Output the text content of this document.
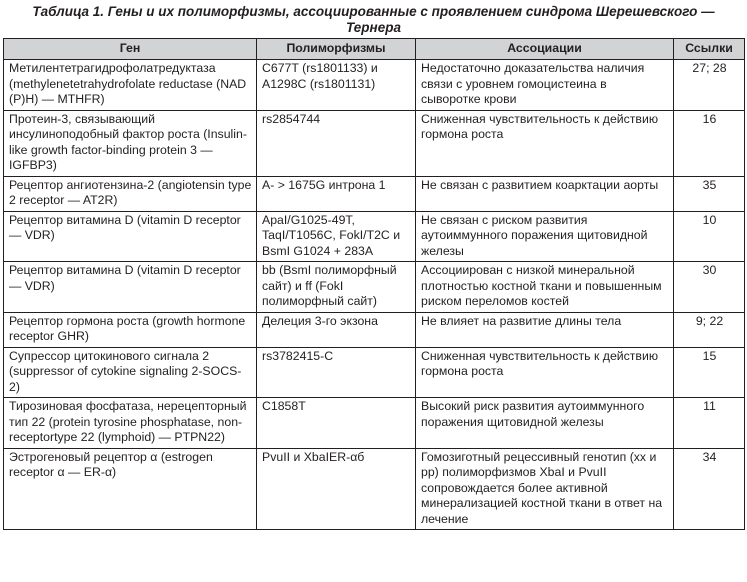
Таблица 1. Гены и их полиморфизмы, ассоциированные с проявлением синдрома Шерешевского — Тернера
Ген	Полиморфизмы	Ассоциации	Ссылки
Метилентетрагидрофолатредуктаза (methylenetetrahydrofolate reductase (NAD (P)H) — MTHFR)	C677T (rs1801133) и A1298C (rs1801131)	Недостаточно доказательства наличия связи с уровнем гомоцистеина в сыворотке крови	27; 28
Протеин-3, связывающий инсулиноподобный фактор роста (Insulin-like growth factor-binding protein 3 — IGFBP3)	rs2854744	Сниженная чувствительность к действию гормона роста	16
Рецептор ангиотензина-2 (angiotensin type 2 receptor — AT2R)	A- > 1675G интрона 1	Не связан с развитием коарктации аорты	35
Рецептор витамина D (vitamin D receptor — VDR)	ApaI/G1025-49T, TaqI/T1056C, FokI/T2C и BsmI G1024 + 283A	Не связан с риском развития аутоиммунного поражения щитовидной железы	10
Рецептор витамина D (vitamin D receptor — VDR)	bb (BsmI полиморфный сайт) и ff (FokI полиморфный сайт)	Ассоциирован с низкой минеральной плотностью костной ткани и повышенным риском переломов костей	30
Рецептор гормона роста (growth hormone receptor GHR)	Делеция 3-го экзона	Не влияет на развитие длины тела	9; 22
Супрессор цитокинового сигнала 2 (suppressor of cytokine signaling 2-SOCS-2)	rs3782415-C	Сниженная чувствительность к действию гормона роста	15
Тирозиновая фосфатаза, нерецепторный тип 22 (protein tyrosine phosphatase, non-receptortype 22 (lymphoid) — PTPN22)	C1858T	Высокий риск развития аутоиммунного поражения щитовидной железы	11
Эстрогеновый рецептор α (estrogen receptor α — ER-α)	PvuII и XbaIER-αб	Гомозиготный рецессивный генотип (xx и pp) полиморфизмов XbaI и PvuII сопровождается более активной минерализацией костной ткани в ответ на лечение	34
